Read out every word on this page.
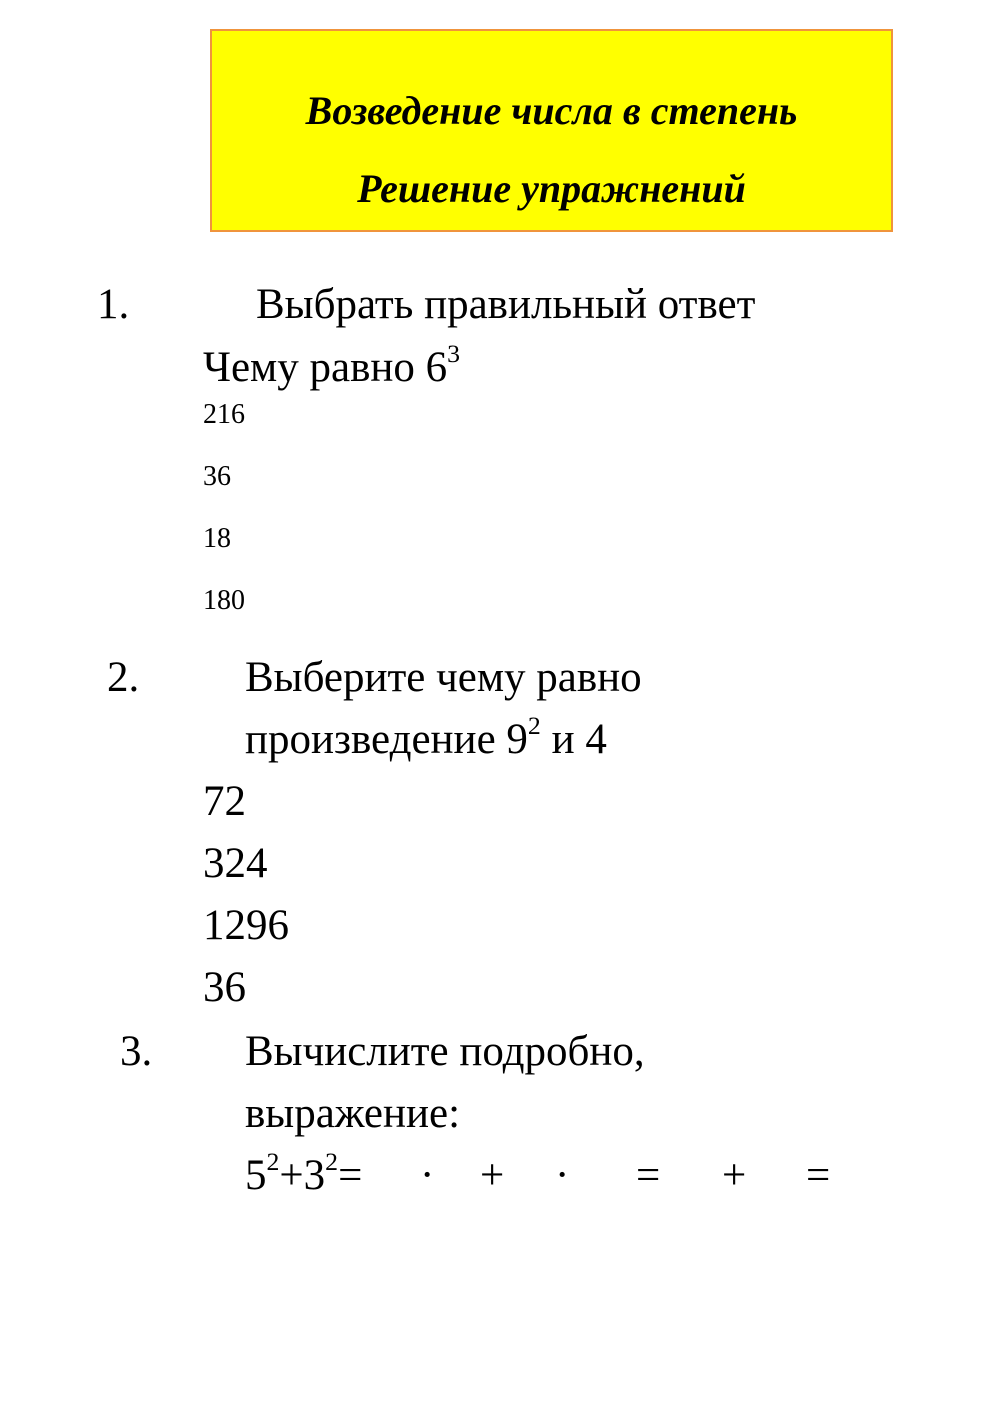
Возведение числа в степень
Решение упражнений
1.	Выбрать правильный ответ
Чему равно $6^3$
216
36
18
180
2. Выберите чему равно
произведение $9^2$ и 4
72
324
1296
36
3. Вычислите подробно,
выражение:
$5^2+3^2=$ · + · = + =
